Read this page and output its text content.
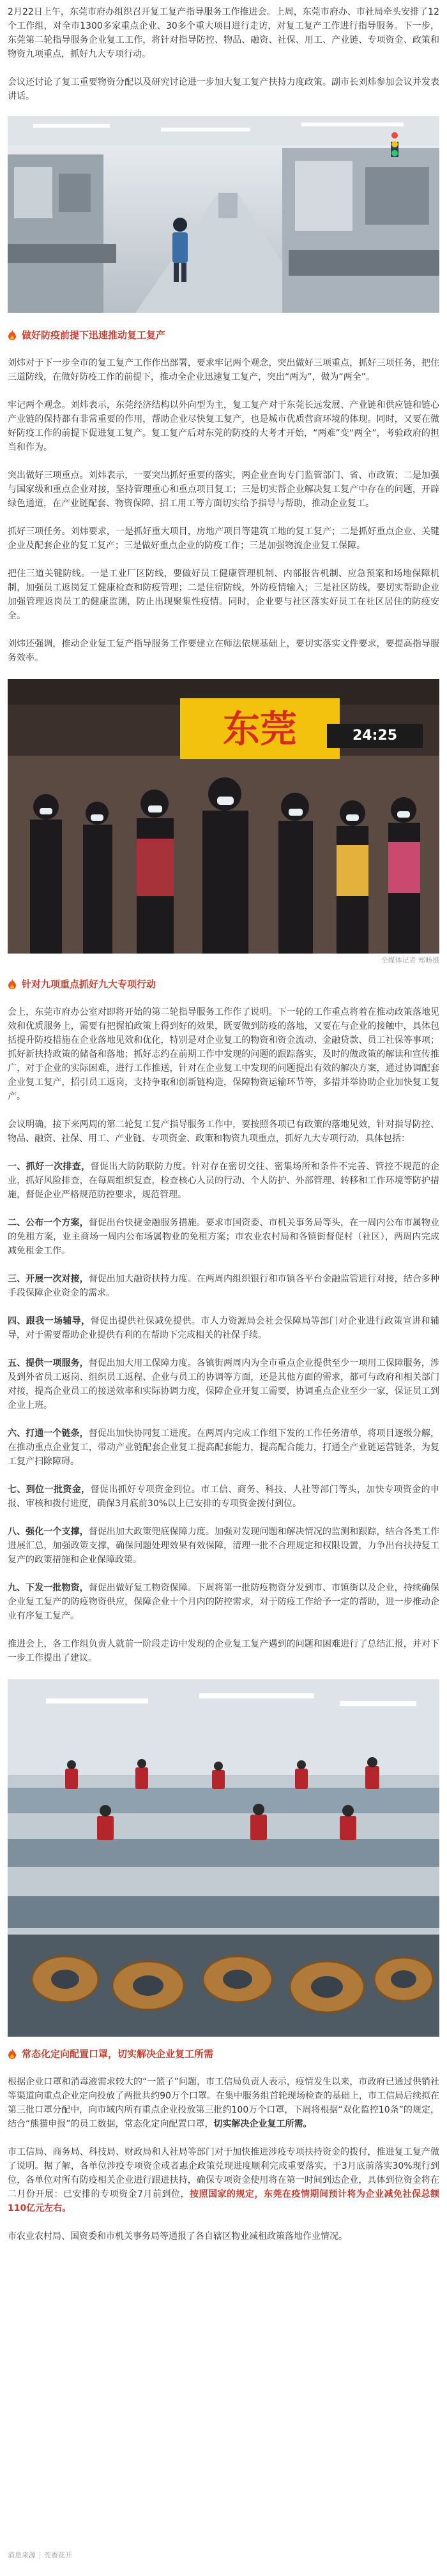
2月22日上午，东莞市府办组织召开复工复产指导服务工作推进会。上周，东莞市府办、市社局牵头安排了12个工作组，对全市1300多家重点企业、30多个重大项目进行走访，对复工复产工作进行指导服务。下一步，东莞第二轮指导服务企业复工工作，将针对指导防控、物品、融资、社保、用工、产业链、专项资金、政策和物资九项重点，抓好九大专项行动。

会议还讨论了复工重要物资分配以及研究讨论进一步加大复工复产扶持力度政策。副市长刘炜参加会议并发表讲话。

做好防疫前提下迅速推动复工复产

刘炜对于下一步全市的复工复产工作作出部署，要求牢记两个观念，突出做好三项重点，抓好三项任务，把住三道防线，在做好防疫工作的前提下，推动全企业迅速复工复产，突出“两为”，做为“两全”。

牢记两个观念。刘炜表示，东莞经济结构以外向型为主，复工复产对于东莞长远发展、产业链和供应链和链心产业链的保持都有非常重要的作用，帮助企业尽快复工复产，也是城市优质营商环境的体现。同时，又要在做好防疫工作的前提下促进复工复产。复工复产后对东莞的防疫的大考才开始，“两难”变“两全”，考验政府的担当和作为。

突出做好三项重点。刘炜表示，一要突出抓好重要的落实，两企业查询专门监管部门、省、市政策；二是加强与国家级和重点企业对接，坚持管理重心和重点项目复工；三是切实帮企业解决复工复产中存在的问题，开辟绿色通道，在产业链配套、物资保障、招工用工等方面切实给予指导与帮助，推动企业复工。

抓好三项任务。刘炜要求，一是抓好重大项目，房地产项目等建筑工地的复工复产；二是抓好重点企业、关键企业及配套企业的复工复产；三是做好重点企业的防疫工作；三是加强物流企业复工保障。

把住三道关键防线。一是工业厂区防线，要做好员工健康管理机制、内部报告机制、应急预案和场地保障机制，加强员工返岗复工健康检查和防疫管理；二是住宿防线，外防疫情输入；三是社区防线，要切实帮助企业加强管理返岗员工的健康监测，防止出现聚集性疫情。同时，企业要与社区落实好员工在社区居住的防疫安全。

刘炜还强调，推动企业复工复产指导服务工作要建立在师法依规基础上，要切实落实文件要求，要提高指导服务效率。

东莞	24:25
全媒体记者 郑旸摄
针对九项重点抓好九大专项行动

会上，东莞市府办公室对即将开始的第二轮指导服务工作作了说明。下一轮的工作重点将着在推动政策落地见效和优质服务上，需要有把握拍政策上得到好的效果，既要做到防疫的落地，又要在与企业的接触中，具体包括提升防疫措施在企业落地见效和优化，特别是对企业复工的物资和资金流动、金融贷款、员工社保等事项；抓好新扶持政策的储备和落地；抓好志约在前期工作中发现的问题的跟踪落实，及时的做政策的解读和宣传推广，对于企业的实际困难，进行工作推送，针对在企业复工中发现的问题提出有效的解决方案，通过协调配套企业复工复产，招引员工返岗，支持争取和创新链构造，保障物资运输环节等，多措并举协助企业加快复工复产。

会议明确，接下来两周的第二轮复工复产指导服务工作中，要按照各项已有政策的落地见效，针对指导防控、物品、融资、社保、用工、产业链、专项资金、政策和物资九项重点，抓好九大专项行动，具体包括：

一、抓好一次排查，督促出大防防联防力度。针对存在密切交往、密集场所和条件不完善、管控不规范的企业，抓好风险排查，在每周组织复查，检查核心人员的行动、个人防护、外部管理、转移和工作环境等防护措施，督促企业严格规范防控要求，规范管理。

二、公布一个方案，督促出台快捷金融服务措施。要求市国资委、市机关事务局等头，在一周内公布市属物业的免租方案，业主商场一周内公布场属物业的免租方案；市农业农村局和各镇街督促村（社区），两周内完成减免租金工作。

三、开展一次对接，督促出加大融资扶持力度。在两周内组织银行和市镇各平台金融监管进行对接，结合多种手段保障企业资金的需求。

四、跟我一场辅导，督促出提供社保减免提供。市人力资源局会社会保障局等部门对企业进行政策宣讲和辅导，对于需要帮助企业提供有利的在帮助下完成相关的社保手续。

五、提供一项服务，督促出加大用工保障力度。各镇街两周内为全市重点企业提供至少一项用工保障服务，涉及到外省员工返岗、组织员工返程、企业与员工的协调等方面，还是其他方面的需求，都可与政府和相关部门对接，提高企业员工的接送效率和实际协调力度，保障企业开复工需要，协调重点企业至少一家，保证员工到企业上班。

六、打通一个链条，督促出加快协同复工进度。在两周内完成工作组下发的工作任务清单，将项目逐级分解，在推动重点企业复工，带动产业链配套企业复工提高配套能力，提高配合能力，打通全产业链运营链条，为复工复产扫除障碍。

七、到位一批资金，督促出抓好专项资金到位。市工信、商务、科技、人社等部门等头，加快专项资金的申报、审核和拨付进度，确保3月底前30%以上已安排的专项资金拨付到位。

八、强化一个支撑，督促出加大政策兜底保障力度。加强对发现问题和解决情况的监测和跟踪，结合各类工作进展汇总，加强政策支撑，确保问题处理效果有效保障，清理一批不合理规定和权限设置，力争出台扶持复工复产的政策措施和企业保障政策。

九、下发一批物资，督促出做好复工物资保障。下周将第一批防疫物资分发到市、市镇街以及企业，持续确保企业复工复产的防疫物资供应，保障企业十个月内的防控需求，对于防疫工作给予一定的帮助，进一步推动企业有序复工复产。

推进会上，各工作组负责人就前一阶段走访中发现的企业复工复产遇到的问题和困难进行了总结汇报，并对下一步工作提出了建议。

常态化定向配置口罩，切实解决企业复工所需

根据企业口罩和消毒液需求较大的“一篮子”问题，市工信局负责人表示，疫情发生以来，市政府已通过供销社等渠道向重点企业定向投放了两批共约90万个口罩。在集中服务组首轮现场检查的基础上，市工信局后续拟在第三批口罩分配中，向市域内所有重点企业投放第三批约100万个口罩，下周将根据“双化监控10条”的规定，结合“熊猫申报”的员工数据，常态化定向配置口罩，切实解决企业复工所需。

市工信局、商务局、科技局、财政局和人社局等部门对于加快推进涉疫专项扶持资金的拨付，推进复工复产做了说明。据了解，各单位涉疫专项资金或者惠企政策兑现进度顺利完成重要落实，于3月底前落实30%现行到位，各单位对所有防疫相关企业进行跟进扶持，确保专项资金使用将在第一时间到达企业，具体到位资金将在二月份开展：已安排的专项资金7月前到位，按照国家的规定，东莞在疫情期间预计将为企业减免社保总额110亿元左右。

市农业农村局、国资委和市机关事务局等通报了各自辖区物业减租政策落地作业情况。

消息来源 莞香花开
